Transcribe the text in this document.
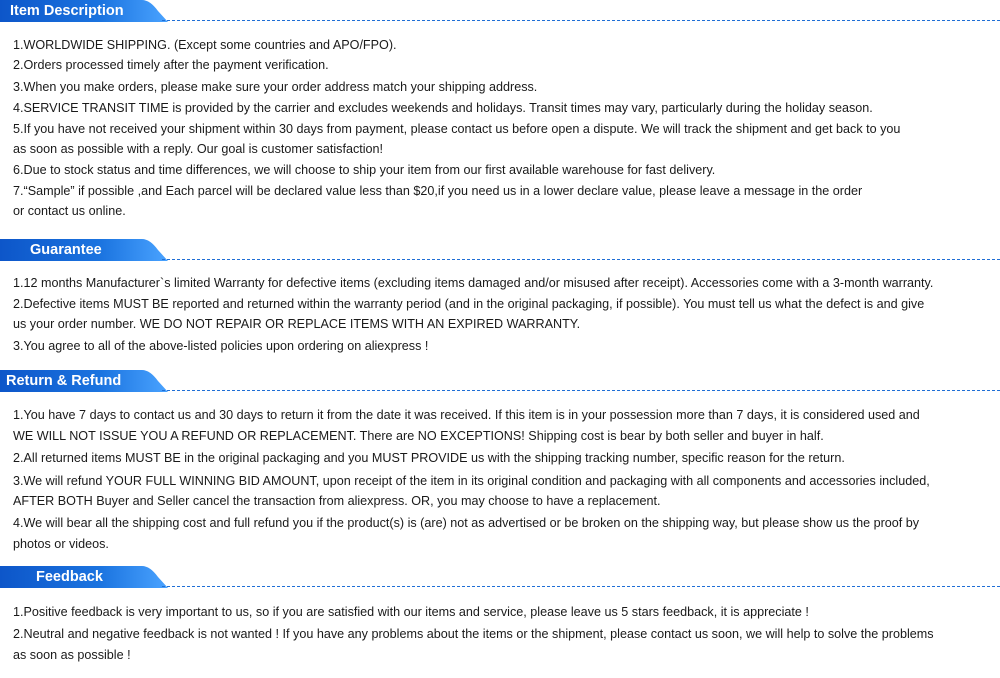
Item Description
1.WORLDWIDE SHIPPING. (Except some countries and APO/FPO).
2.Orders processed timely after the payment verification.
3.When you make orders, please make sure your order address match your shipping address.
4.SERVICE TRANSIT TIME is provided by the carrier and excludes weekends and holidays. Transit times may vary, particularly during the holiday season.
5.If you have not received your shipment within 30 days from payment, please contact us before open a dispute. We will track the shipment and get back to you
as soon as possible with a reply. Our goal is customer satisfaction!
6.Due to stock status and time differences, we will choose to ship your item from our first available warehouse for fast delivery.
7.“Sample” if possible ,and Each parcel will be declared value less than $20,if you need us in a lower declare value, please leave a message in the order
or contact us online.
Guarantee
1.12 months Manufacturer`s limited Warranty for defective items (excluding items damaged and/or misused after receipt). Accessories come with a 3-month warranty.
2.Defective items MUST BE reported and returned within the warranty period (and in the original packaging, if possible). You must tell us what the defect is and give
us your order number. WE DO NOT REPAIR OR REPLACE ITEMS WITH AN EXPIRED WARRANTY.
3.You agree to all of the above-listed policies upon ordering on aliexpress !
Return & Refund
1.You have 7 days to contact us and 30 days to return it from the date it was received. If this item is in your possession more than 7 days, it is considered used and
WE WILL NOT ISSUE YOU A REFUND OR REPLACEMENT. There are NO EXCEPTIONS! Shipping cost is bear by both seller and buyer in half.
2.All returned items MUST BE in the original packaging and you MUST PROVIDE us with the shipping tracking number, specific reason for the return.
3.We will refund YOUR FULL WINNING BID AMOUNT, upon receipt of the item in its original condition and packaging with all components and accessories included,
AFTER BOTH Buyer and Seller cancel the transaction from aliexpress. OR, you may choose to have a replacement.
4.We will bear all the shipping cost and full refund you if the product(s) is (are) not as advertised or be broken on the shipping way, but please show us the proof by
photos or videos.
Feedback
1.Positive feedback is very important to us, so if you are satisfied with our items and service, please leave us 5 stars feedback, it is appreciate !
2.Neutral and negative feedback is not wanted ! If you have any problems about the items or the shipment, please contact us soon, we will help to solve the problems
as soon as possible !
